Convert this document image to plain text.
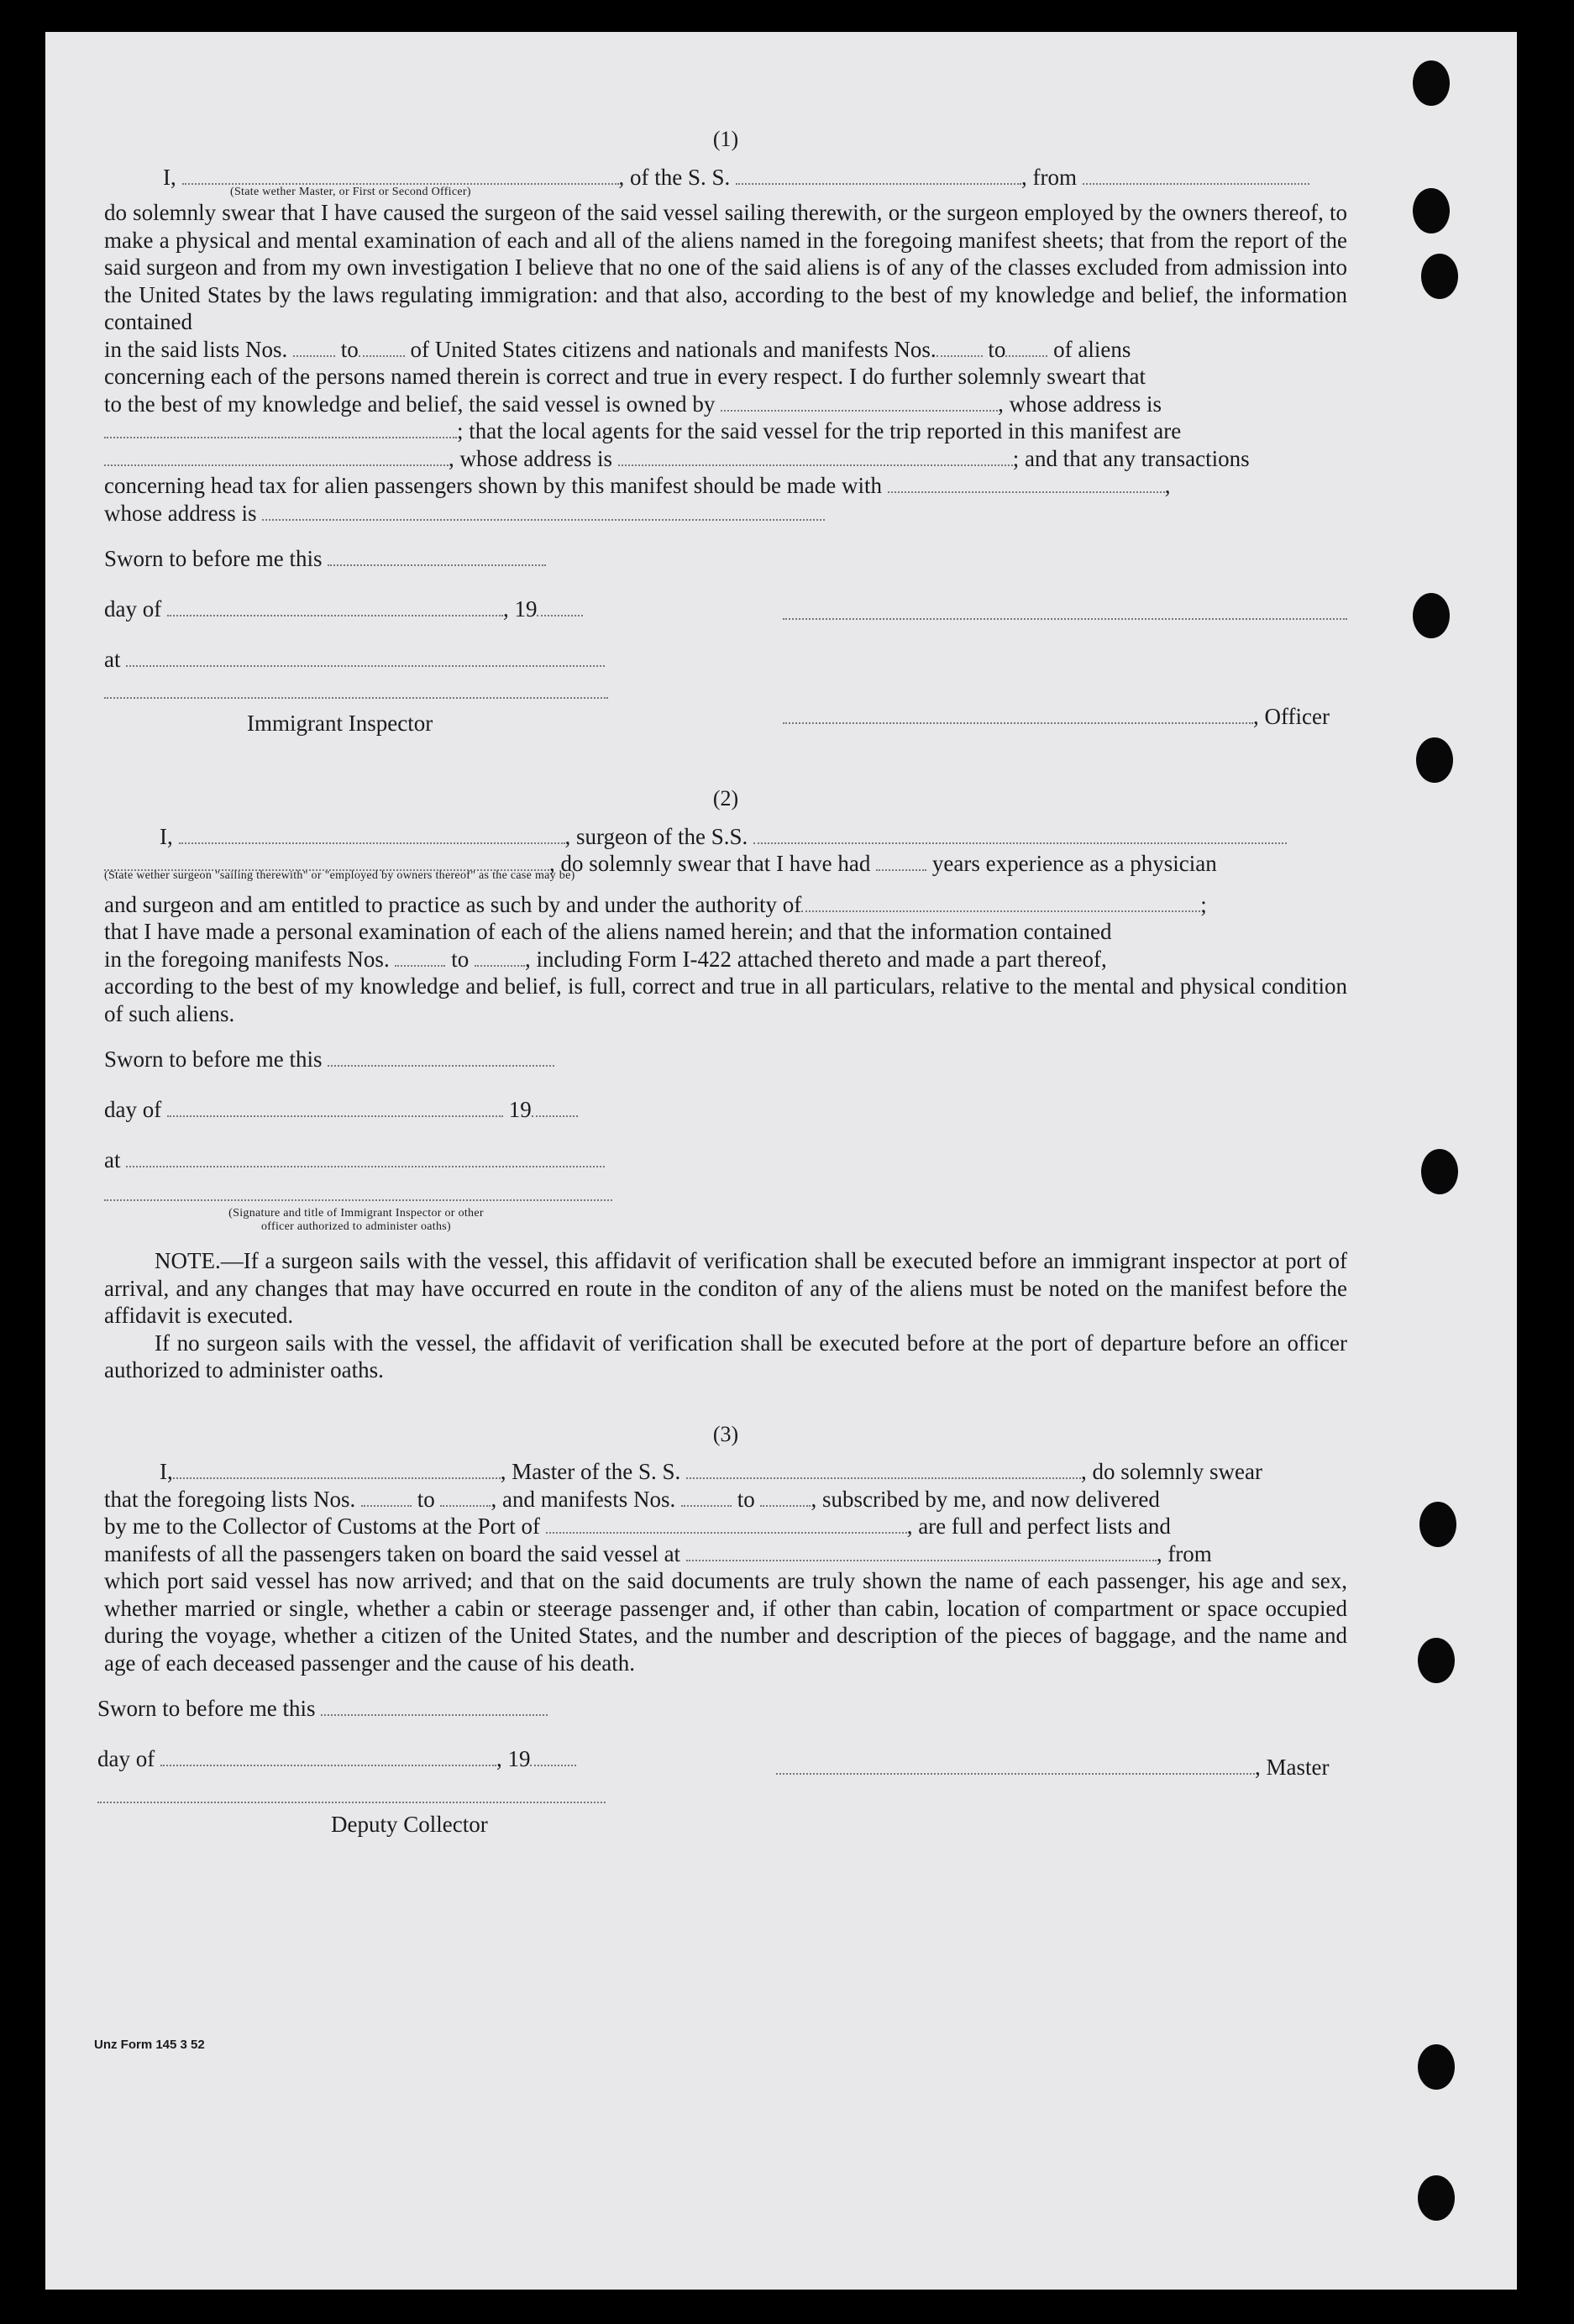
(1)

I,	, of the S. S.	, from
(State wether Master, or First or Second Officer)

do solemnly swear that I have caused the surgeon of the said vessel sailing therewith, or the surgeon employed by the owners thereof, to make a physical and mental examination of each and all of the aliens named in the foregoing manifest sheets; that from the report of the said surgeon and from my own investigation I believe that no one of the said aliens is of any of the classes excluded from admission into the United States by the laws regulating immigration: and that also, according to the best of my knowledge and belief, the information contained

in the said lists Nos. to of United States citizens and nationals and manifests Nos. to of aliens

concerning each of the persons named therein is correct and true in every respect. I do further solemnly sweart that

to the best of my knowledge and belief, the said vessel is owned by	, whose address is
; that the local agents for the said vessel for the trip reported in this manifest are
, whose address is	; and that any transactions
concerning head tax for alien passengers shown by this manifest should be made with	,
whose address is
Sworn to before me this
day of	, 19
at
Immigrant Inspector	, Officer

(2)

I,	, surgeon of the S.S.
, do solemnly swear that I have had	years experience as a physician
(State wether surgeon "sailing therewith" or "employed by owners thereof" as the case may be)
and surgeon and am entitled to practice as such by and under the authority of	;

that I have made a personal examination of each of the aliens named herein; and that the information contained

in the foregoing manifests Nos.	to , including Form I-422 attached thereto and made a part thereof,

according to the best of my knowledge and belief, is full, correct and true in all particulars, relative to the mental and physical condition of such aliens.

Sworn to before me this
day of	19
at
(Signature and title of Immigrant Inspector or other
officer authorized to administer oaths)

NOTE.—If a surgeon sails with the vessel, this affidavit of verification shall be executed before an immigrant inspector at port of arrival, and any changes that may have occurred en route in the conditon of any of the aliens must be noted on the manifest before the affidavit is executed.

If no surgeon sails with the vessel, the affidavit of verification shall be executed before at the port of departure before an officer authorized to administer oaths.

(3)

I,	, Master of the S. S.	, do solemnly swear
that the foregoing lists Nos.	to , and manifests Nos.	to , subscribed by me, and now delivered
by me to the Collector of Customs at the Port of	, are full and perfect lists and
manifests of all the passengers taken on board the said vessel at	, from

which port said vessel has now arrived; and that on the said documents are truly shown the name of each passenger, his age and sex, whether married or single, whether a cabin or steerage passenger and, if other than cabin, location of compartment or space occupied during the voyage, whether a citizen of the United States, and the number and description of the pieces of baggage, and the name and age of each deceased passenger and the cause of his death.

Sworn to before me this
day of	, 19	, Master
Deputy Collector
Unz Form 145 3 52
